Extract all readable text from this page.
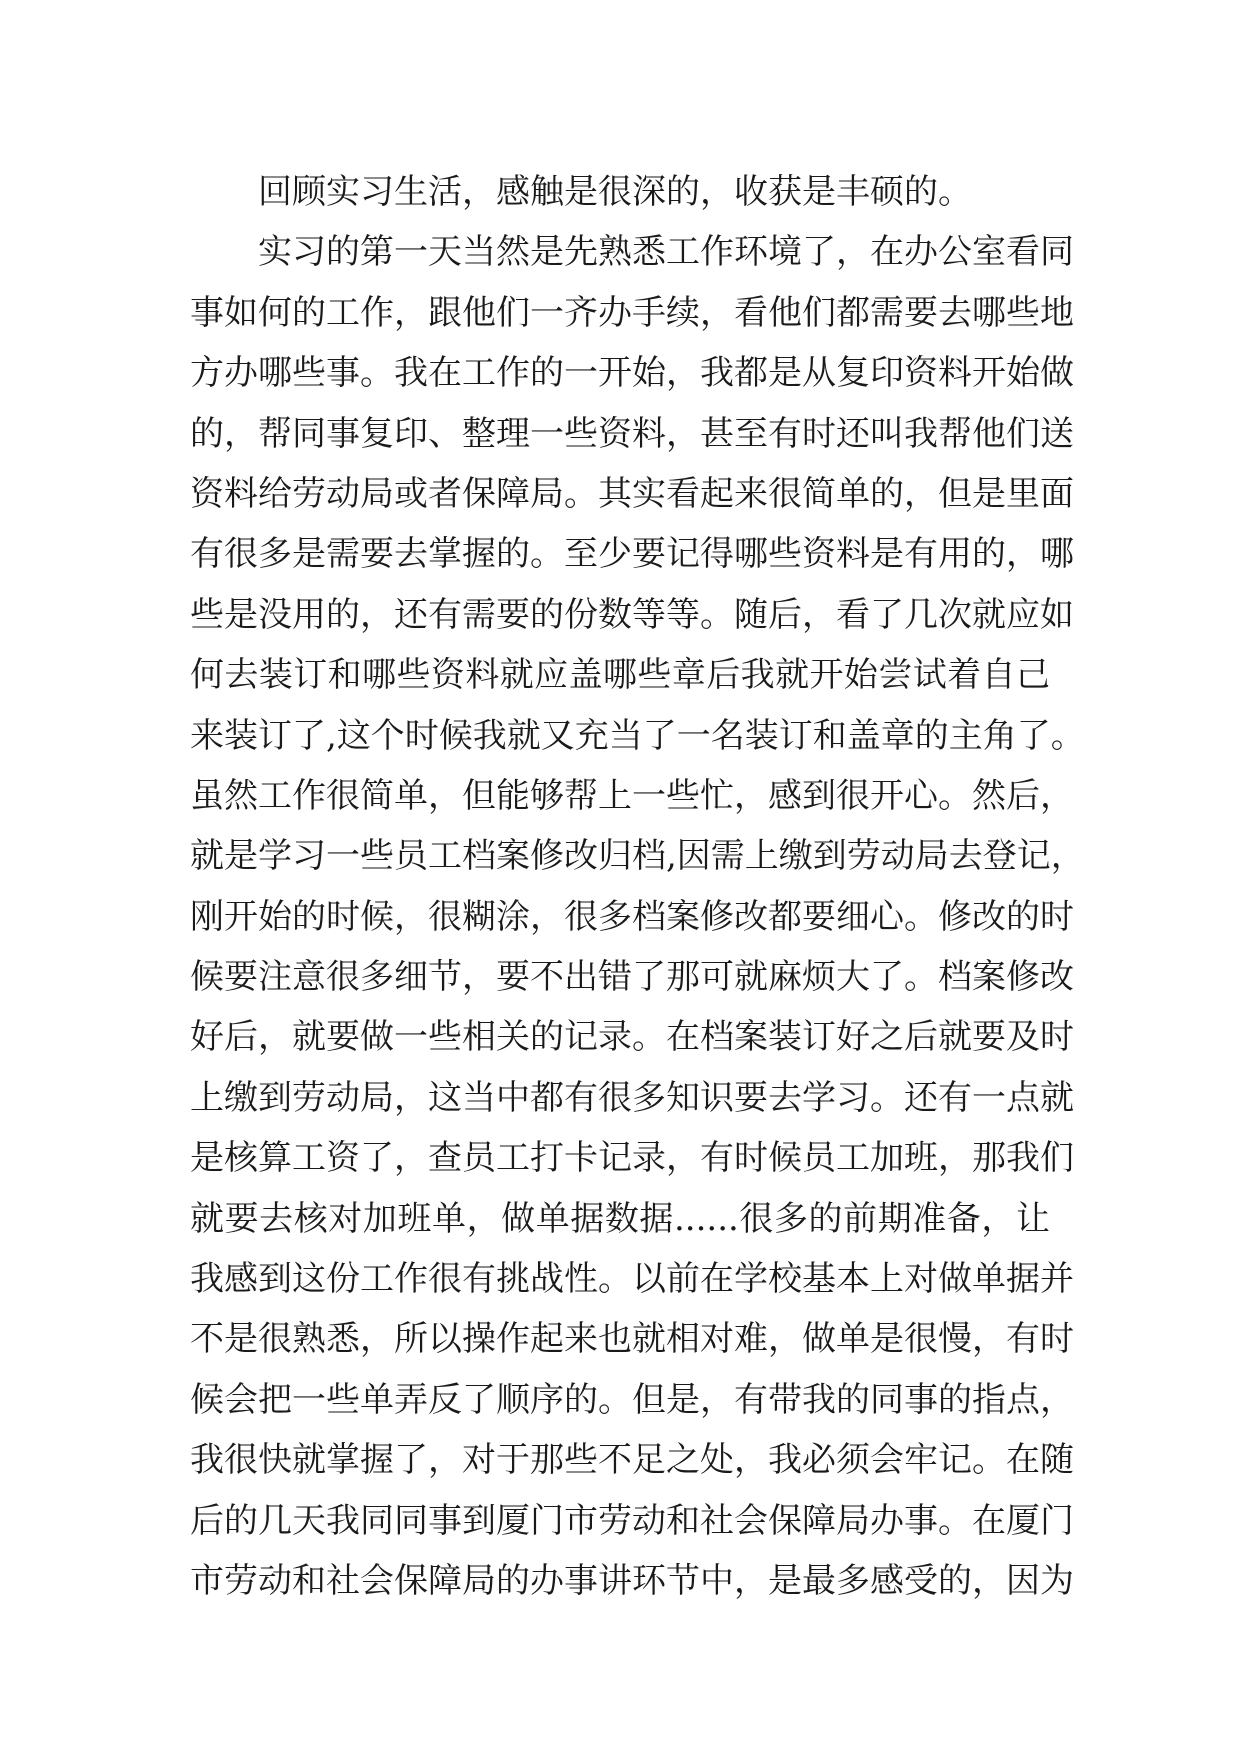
回顾实习生活，感触是很深的，收获是丰硕的。
实习的第一天当然是先熟悉工作环境了，在办公室看同
事如何的工作，跟他们一齐办手续，看他们都需要去哪些地
方办哪些事。我在工作的一开始，我都是从复印资料开始做
的，帮同事复印、整理一些资料，甚至有时还叫我帮他们送
资料给劳动局或者保障局。其实看起来很简单的，但是里面
有很多是需要去掌握的。至少要记得哪些资料是有用的，哪
些是没用的，还有需要的份数等等。随后，看了几次就应如
何去装订和哪些资料就应盖哪些章后我就开始尝试着自己
来装订了,这个时候我就又充当了一名装订和盖章的主角了。
虽然工作很简单，但能够帮上一些忙，感到很开心。然后，
就是学习一些员工档案修改归档,因需上缴到劳动局去登记，
刚开始的时候，很糊涂，很多档案修改都要细心。修改的时
候要注意很多细节，要不出错了那可就麻烦大了。档案修改
好后，就要做一些相关的记录。在档案装订好之后就要及时
上缴到劳动局，这当中都有很多知识要去学习。还有一点就
是核算工资了，查员工打卡记录，有时候员工加班，那我们
就要去核对加班单，做单据数据......很多的前期准备，让
我感到这份工作很有挑战性。以前在学校基本上对做单据并
不是很熟悉，所以操作起来也就相对难，做单是很慢，有时
候会把一些单弄反了顺序的。但是，有带我的同事的指点，
我很快就掌握了，对于那些不足之处，我必须会牢记。在随
后的几天我同同事到厦门市劳动和社会保障局办事。在厦门
市劳动和社会保障局的办事讲环节中，是最多感受的，因为
